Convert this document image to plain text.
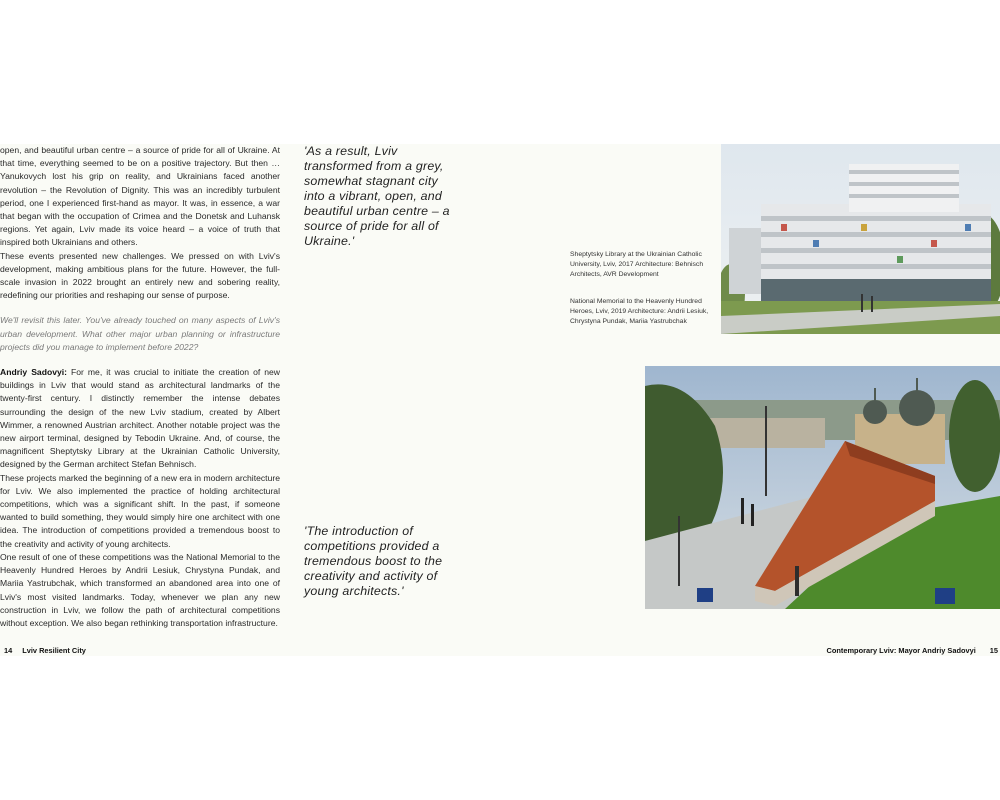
open, and beautiful urban centre – a source of pride for all of Ukraine. At that time, everything seemed to be on a positive trajectory. But then … Yanukovych lost his grip on reality, and Ukrainians faced another revolution – the Revolution of Dignity. This was an incredibly turbulent period, one I experienced first-hand as mayor. It was, in essence, a war that began with the occupation of Crimea and the Donetsk and Luhansk regions. Yet again, Lviv made its voice heard – a voice of truth that inspired both Ukrainians and others.

These events presented new challenges. We pressed on with Lviv's development, making ambitious plans for the future. However, the full-scale invasion in 2022 brought an entirely new and sobering reality, redefining our priorities and reshaping our sense of purpose.

We'll revisit this later. You've already touched on many aspects of Lviv's urban development. What other major urban planning or infrastructure projects did you manage to implement before 2022?

Andriy Sadovyi: For me, it was crucial to initiate the creation of new buildings in Lviv that would stand as architectural landmarks of the twenty-first century. I distinctly remember the intense debates surrounding the design of the new Lviv stadium, created by Albert Wimmer, a renowned Austrian architect. Another notable project was the new airport terminal, designed by Tebodin Ukraine. And, of course, the magnificent Sheptytsky Library at the Ukrainian Catholic University, designed by the German architect Stefan Behnisch.

These projects marked the beginning of a new era in modern architecture for Lviv. We also implemented the practice of holding architectural competitions, which was a significant shift. In the past, if someone wanted to build something, they would simply hire one architect with one idea. The introduction of competitions provided a tremendous boost to the creativity and activity of young architects.

One result of one of these competitions was the National Memorial to the Heavenly Hundred Heroes by Andrii Lesiuk, Chrystyna Pundak, and Mariia Yastrubchak, which transformed an abandoned area into one of Lviv's most visited landmarks. Today, whenever we plan any new construction in Lviv, we follow the path of architectural competitions without exception. We also began rethinking transportation infrastructure.

'As a result, Lviv transformed from a grey, somewhat stagnant city into a vibrant, open, and beautiful urban centre – a source of pride for all of Ukraine.'
'The introduction of competitions provided a tremendous boost to the creativity and activity of young architects.'
Sheptytsky Library at the Ukrainian Catholic University, Lviv, 2017 Architecture: Behnisch Architects, AVR Development
National Memorial to the Heavenly Hundred Heroes, Lviv, 2019 Architecture: Andrii Lesiuk, Chrystyna Pundak, Mariia Yastrubchak
14 Lviv Resilient City	Contemporary Lviv: Mayor Andriy Sadovyi 15
